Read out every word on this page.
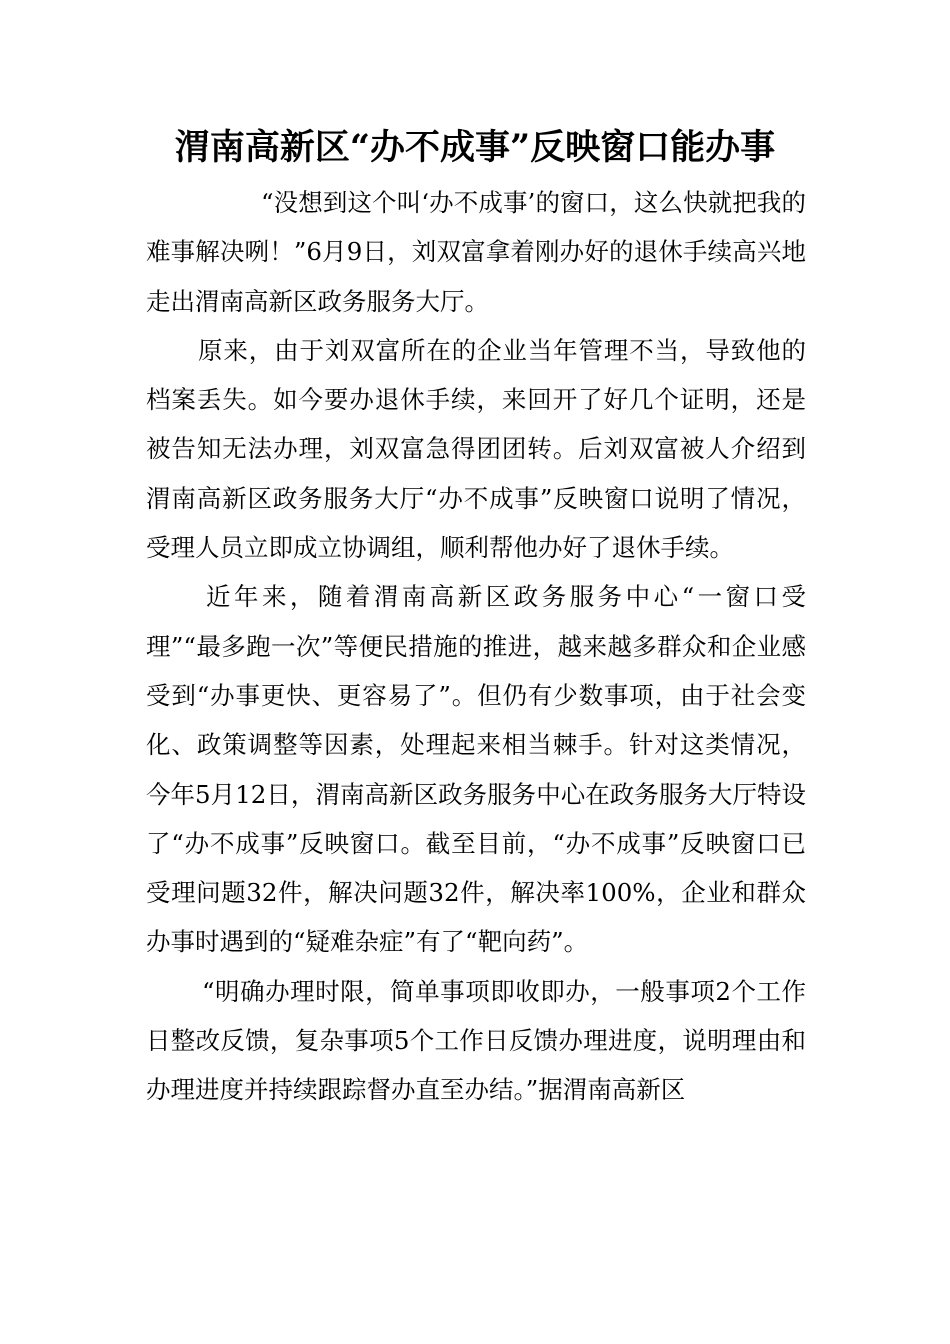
渭南高新区“办不成事”反映窗口能办事

“没想到这个叫‘办不成事’的窗口，这么快就把我的难事解决咧！”6月9日，刘双富拿着刚办好的退休手续高兴地走出渭南高新区政务服务大厅。

原来，由于刘双富所在的企业当年管理不当，导致他的档案丢失。如今要办退休手续，来回开了好几个证明，还是被告知无法办理，刘双富急得团团转。后刘双富被人介绍到渭南高新区政务服务大厅“办不成事”反映窗口说明了情况，受理人员立即成立协调组，顺利帮他办好了退休手续。

近年来，随着渭南高新区政务服务中心“一窗口受理”“最多跑一次”等便民措施的推进，越来越多群众和企业感受到“办事更快、更容易了”。但仍有少数事项，由于社会变化、政策调整等因素，处理起来相当棘手。针对这类情况，今年5月12日，渭南高新区政务服务中心在政务服务大厅特设了“办不成事”反映窗口。截至目前，“办不成事”反映窗口已受理问题32件，解决问题32件，解决率100%，企业和群众办事时遇到的“疑难杂症”有了“靶向药”。

“明确办理时限，简单事项即收即办，一般事项2个工作日整改反馈，复杂事项5个工作日反馈办理进度，说明理由和办理进度并持续跟踪督办直至办结。”据渭南高新区
